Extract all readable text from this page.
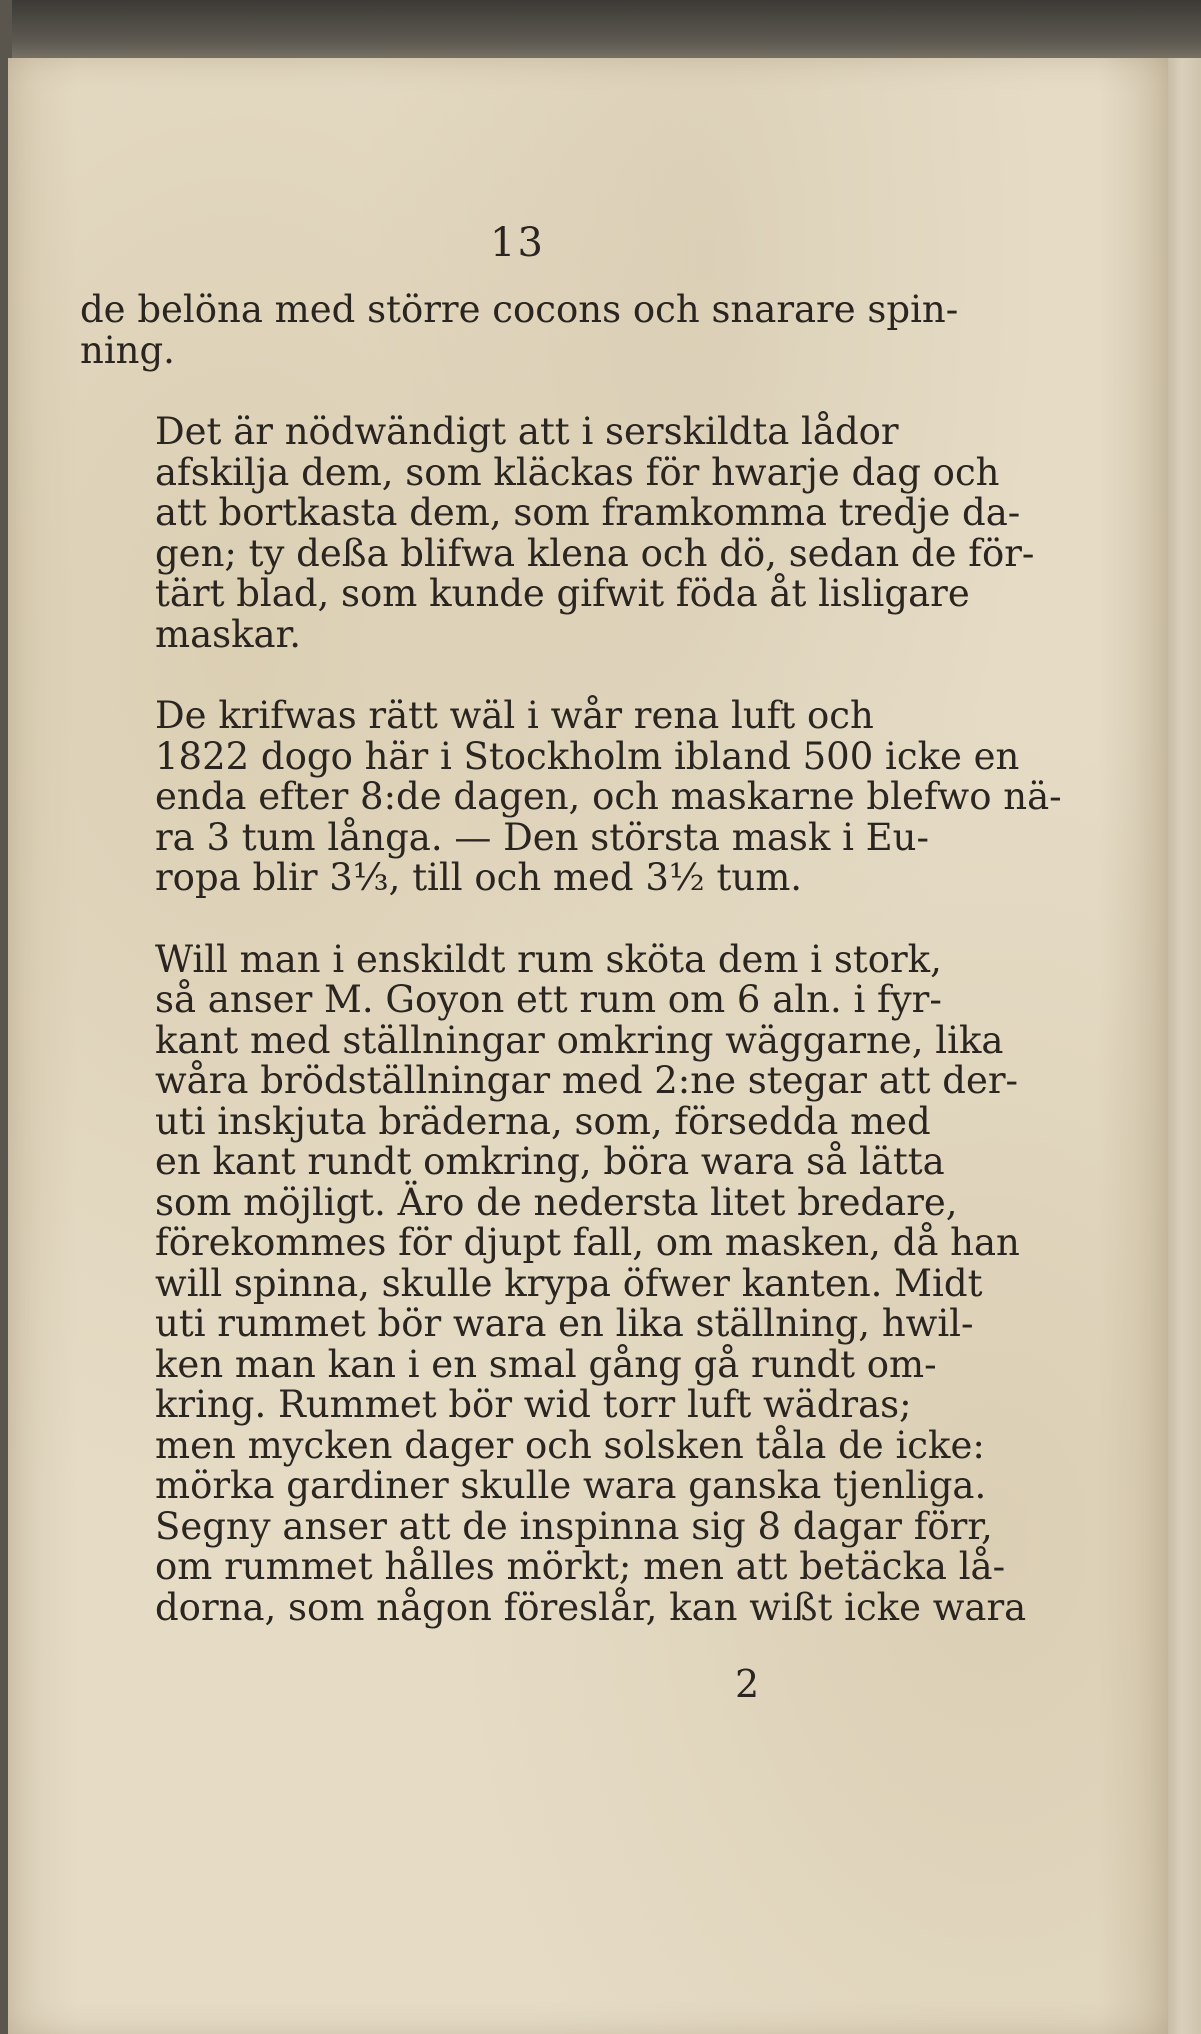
13
de belöna med större cocons och snarare spin-
ning.
Det är nödwändigt att i serskildta lådor
afskilja dem, som kläckas för hwarje dag och
att bortkasta dem, som framkomma tredje da-
gen; ty deßa blifwa klena och dö, sedan de för-
tärt blad, som kunde gifwit föda åt lisligare
maskar.
De krifwas rätt wäl i wår rena luft och
1822 dogo här i Stockholm ibland 500 icke en
enda efter 8:de dagen, och maskarne blefwo nä-
ra 3 tum långa. — Den största mask i Eu-
ropa blir 3⅓, till och med 3½ tum.
Will man i enskildt rum sköta dem i stork,
så anser M. Goyon ett rum om 6 aln. i fyr-
kant med ställningar omkring wäggarne, lika
wåra brödställningar med 2:ne stegar att der-
uti inskjuta bräderna, som, försedda med
en kant rundt omkring, böra wara så lätta
som möjligt. Äro de nedersta litet bredare,
förekommes för djupt fall, om masken, då han
will spinna, skulle krypa öfwer kanten. Midt
uti rummet bör wara en lika ställning, hwil-
ken man kan i en smal gång gå rundt om-
kring. Rummet bör wid torr luft wädras;
men mycken dager och solsken tåla de icke:
mörka gardiner skulle wara ganska tjenliga.
Segny anser att de inspinna sig 8 dagar förr,
om rummet hålles mörkt; men att betäcka lå-
dorna, som någon föreslår, kan wißt icke wara
2
